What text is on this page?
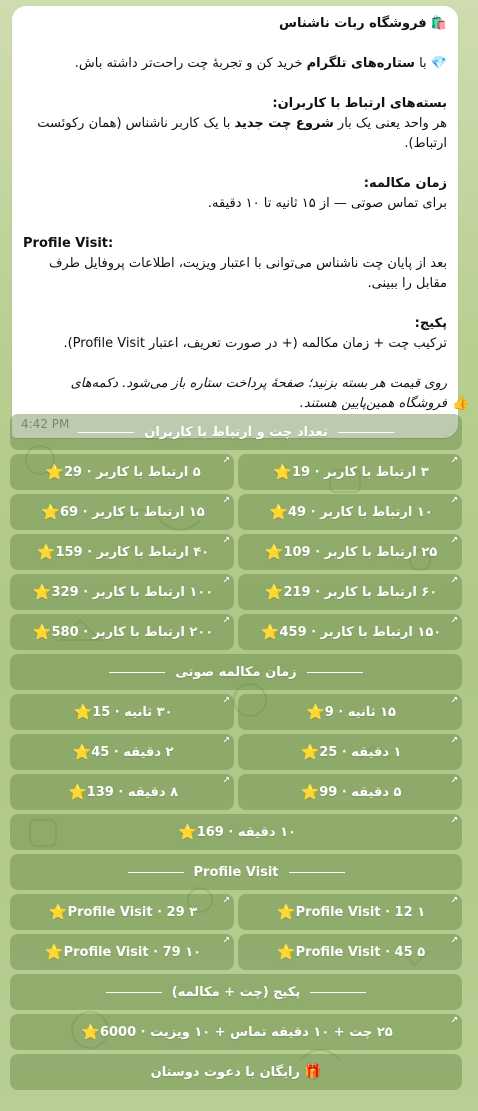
🛍️ فروشگاه ربات ناشناس

💎 با ستاره‌های تلگرام خرید کن و تجربهٔ چت راحت‌تر داشته باش.

بسته‌های ارتباط با کاربران:

هر واحد یعنی یک بار شروع چت جدید با یک کاربر ناشناس (همان رکوئست ارتباط).

زمان مکالمه:

برای تماس صوتی — از ۱۵ ثانیه تا ۱۰ دقیقه.

Profile Visit:

بعد از پایان چت ناشناس می‌توانی با اعتبار ویزیت، اطلاعات پروفایل طرف مقابل را ببینی.

پکیج:

ترکیب چت + زمان مکالمه (+ در صورت تعریف، اعتبار Profile Visit).

روی قیمت هر بسته بزنید؛ صفحهٔ پرداخت ستاره باز می‌شود. دکمه‌های فروشگاه همین‌پایین هستند.

4:42 PM
👍
تعداد چت و ارتباط با کاربران
↗
۵ ارتباط با کاربر · 29
⭐
↗
۳ ارتباط با کاربر · 19
⭐
↗
۱۵ ارتباط با کاربر · 69
⭐
↗
۱۰ ارتباط با کاربر · 49
⭐
↗
۴۰ ارتباط با کاربر · 159
⭐
↗
۲۵ ارتباط با کاربر · 109
⭐
↗
۱۰۰ ارتباط با کاربر · 329
⭐
↗
۶۰ ارتباط با کاربر · 219
⭐
↗
۲۰۰ ارتباط با کاربر · 580
⭐
↗
۱۵۰ ارتباط با کاربر · 459
⭐
زمان مکالمه صوتی
↗
۳۰ ثانیه · 15
⭐
↗
۱۵ ثانیه · 9
⭐
↗
۲ دقیقه · 45
⭐
↗
۱ دقیقه · 25
⭐
↗
۸ دقیقه · 139
⭐
↗
۵ دقیقه · 99
⭐
↗
۱۰ دقیقه · 169
⭐
Profile Visit
↗
۳ Profile Visit · 29
⭐
↗
۱ Profile Visit · 12
⭐
↗
۱۰ Profile Visit · 79
⭐
↗
۵ Profile Visit · 45
⭐
پکیج (چت + مکالمه)
↗
۲۵ چت + ۱۰ دقیقه تماس + ۱۰ ویزیت · 6000
⭐
🎁
رایگان با دعوت دوستان
